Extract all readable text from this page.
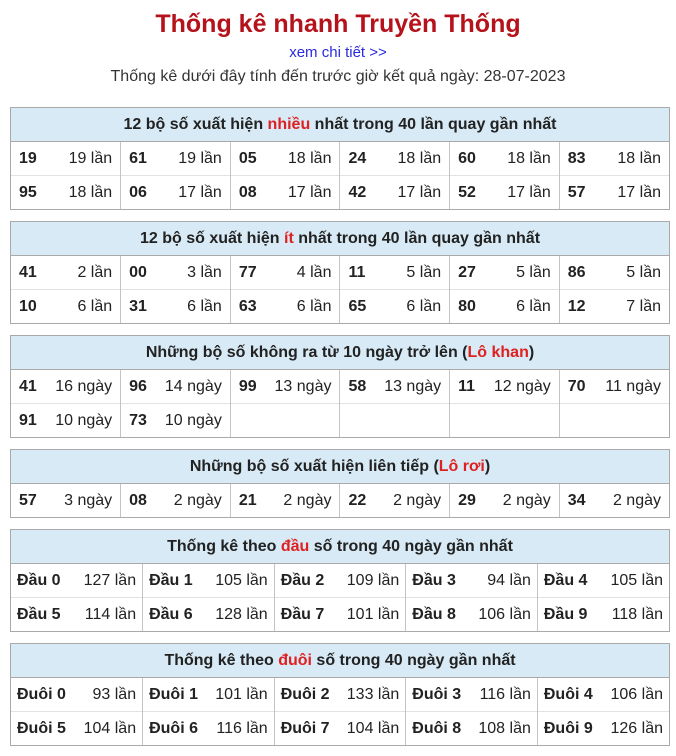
Thống kê nhanh Truyền Thống
xem chi tiết >>
Thống kê dưới đây tính đến trước giờ kết quả ngày: 28-07-2023
12 bộ số xuất hiện nhiều nhất trong 40 lần quay gần nhất
19 19 lần	61 19 lần	05 18 lần	24 18 lần	60 18 lần	83 18 lần

95 18 lần	06 17 lần	08 17 lần	42 17 lần	52 17 lần	57 17 lần
12 bộ số xuất hiện ít nhất trong 40 lần quay gần nhất
41 2 lần	00 3 lần	77 4 lần	11 5 lần	27 5 lần	86 5 lần

10 6 lần	31 6 lần	63 6 lần	65 6 lần	80 6 lần	12 7 lần
Những bộ số không ra từ 10 ngày trở lên (Lô khan)
41 16 ngày	96 14 ngày	99 13 ngày	58 13 ngày	11 12 ngày	70 11 ngày

91 10 ngày	73 10 ngày				

Những bộ số xuất hiện liên tiếp (Lô rơi)
57 3 ngày	08 2 ngày	21 2 ngày	22 2 ngày	29 2 ngày	34 2 ngày
Thống kê theo đầu số trong 40 ngày gần nhất
Đầu 0 127 lần	Đầu 1 105 lần	Đầu 2 109 lần	Đầu 3 94 lần	Đầu 4 105 lần

Đầu 5 114 lần	Đầu 6 128 lần	Đầu 7 101 lần	Đầu 8 106 lần	Đầu 9 118 lần
Thống kê theo đuôi số trong 40 ngày gần nhất
Đuôi 0 93 lần	Đuôi 1 101 lần	Đuôi 2 133 lần	Đuôi 3 116 lần	Đuôi 4 106 lần

Đuôi 5 104 lần	Đuôi 6 116 lần	Đuôi 7 104 lần	Đuôi 8 108 lần	Đuôi 9 126 lần
